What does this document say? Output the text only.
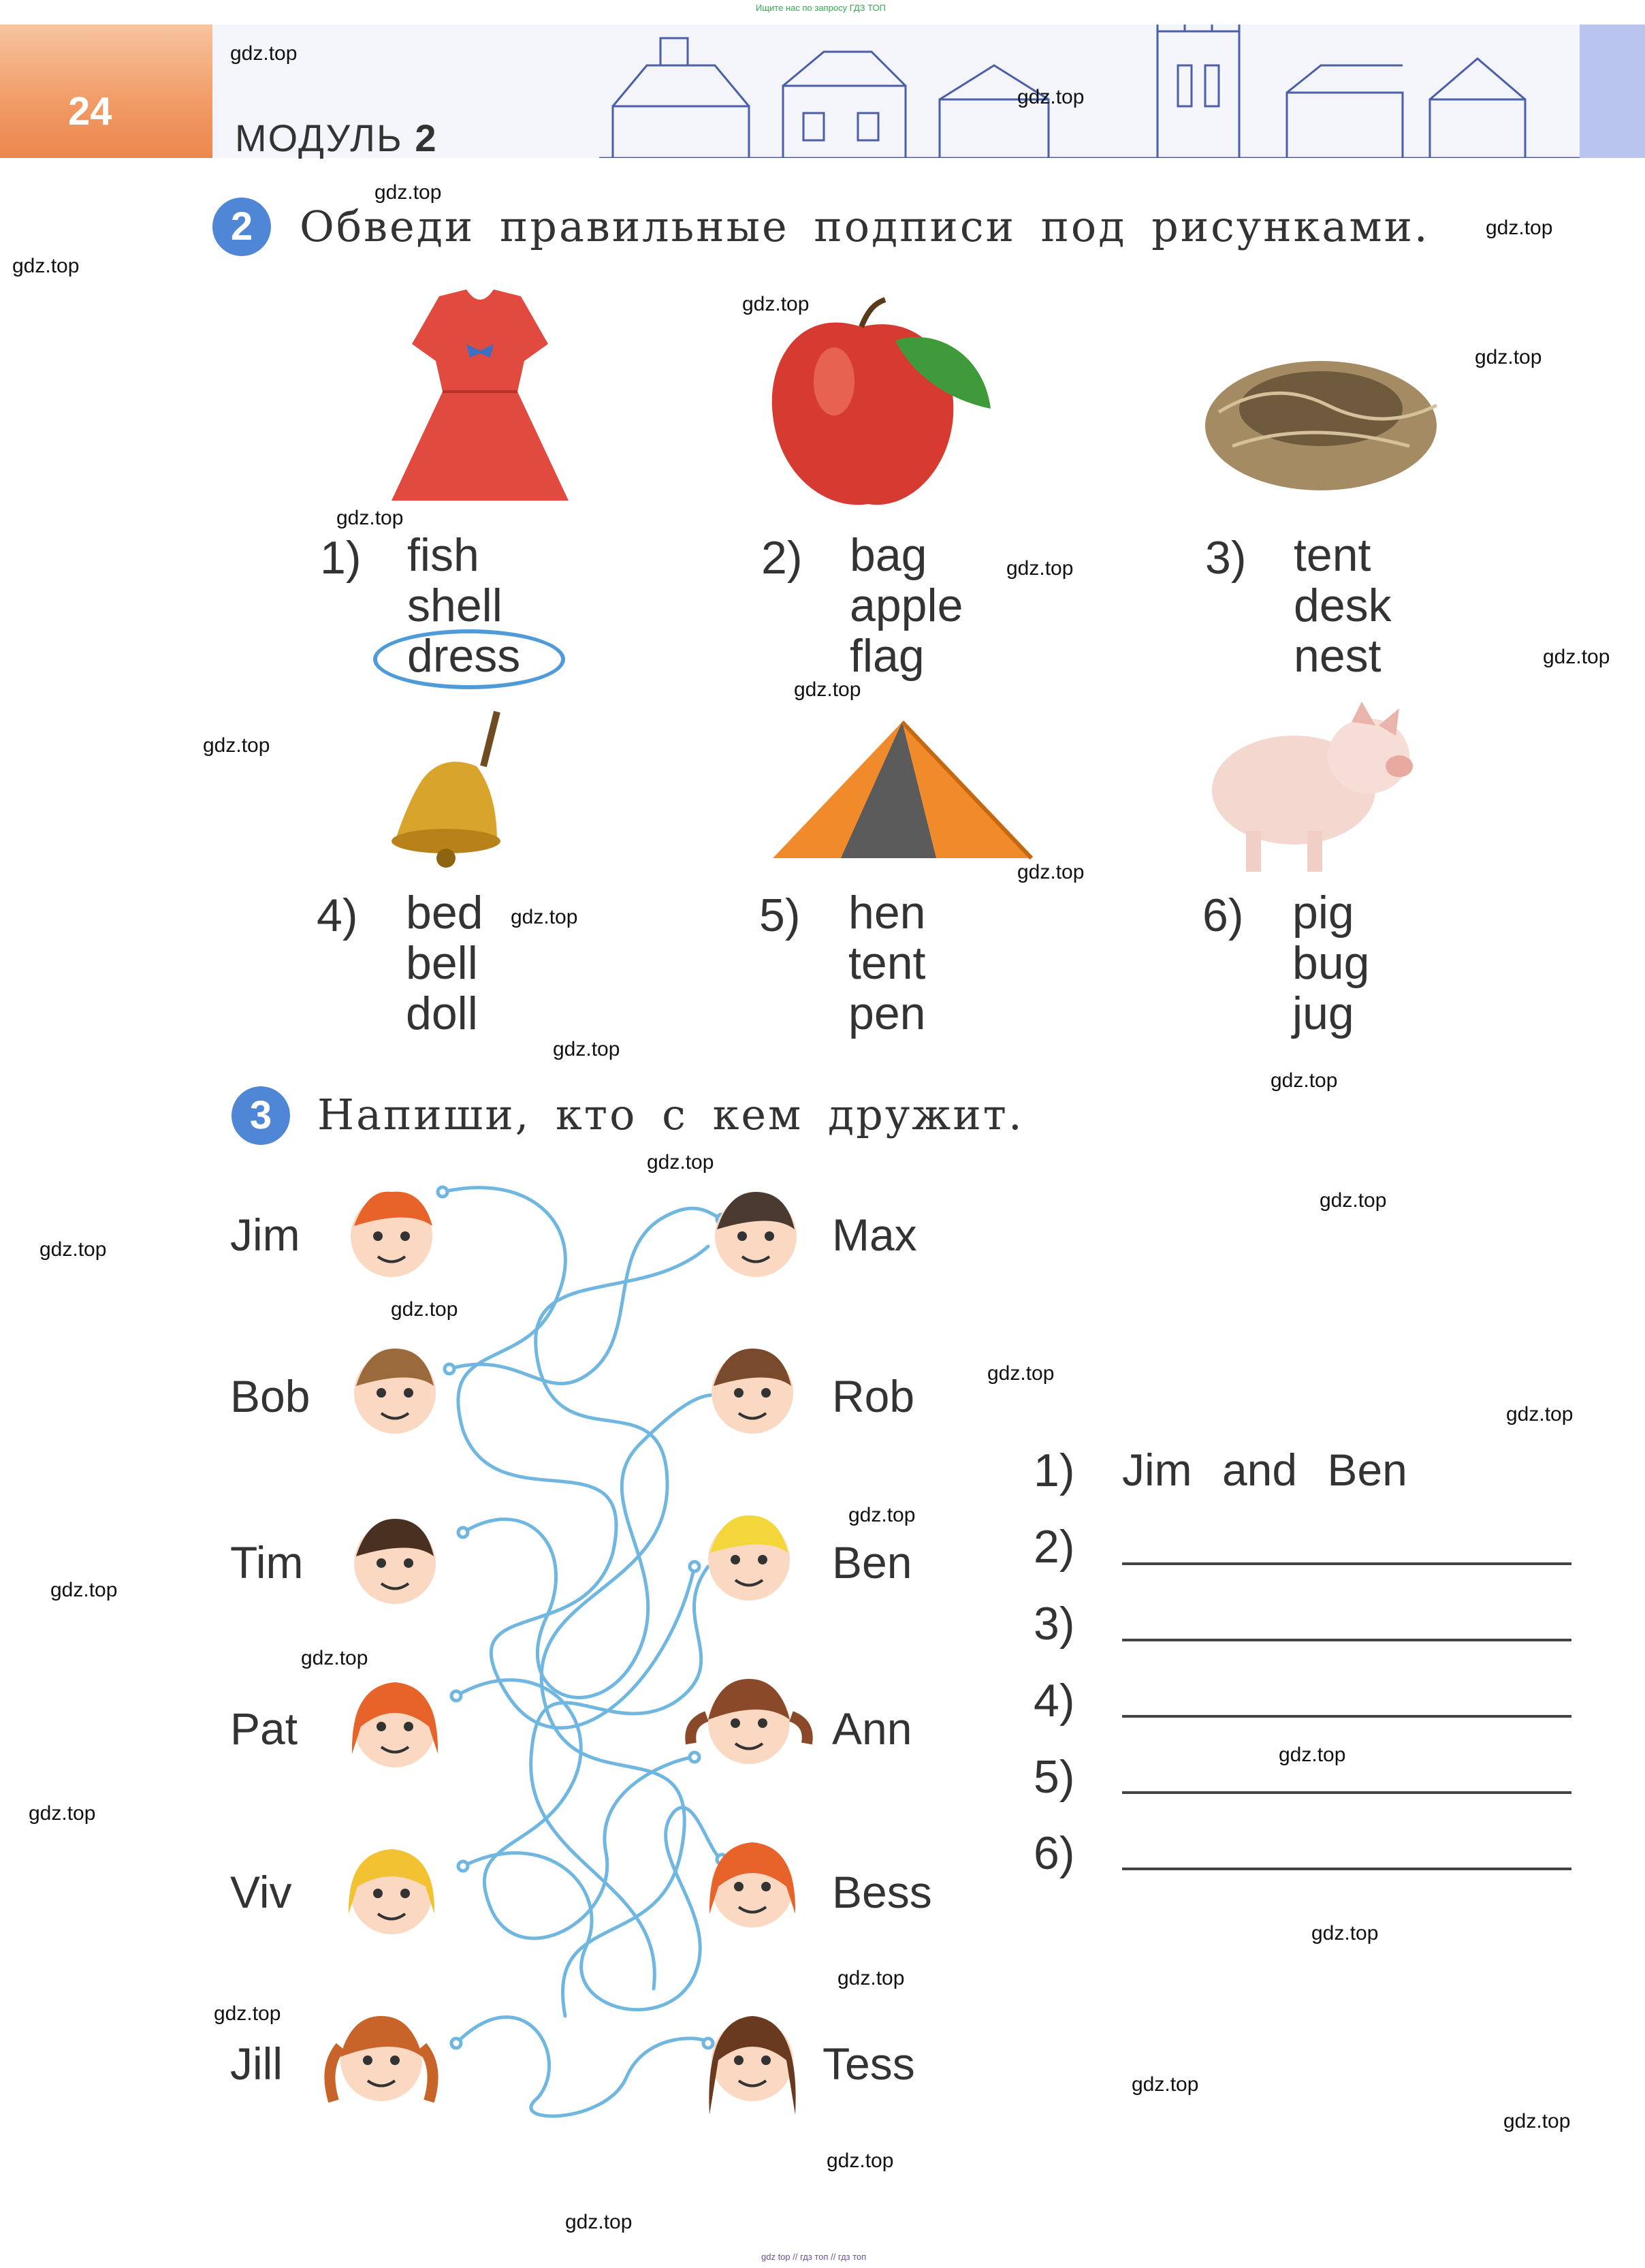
Ищите нас по запросу ГДЗ ТОП
24
МОДУЛЬ 2
2	Обведи правильные подписи под рисунками.
1) fish
shell
dress
2) bag
apple
flag
3) tent
desk
nest
4) bed
bell
doll
5) hen
tent
pen
6) pig
bug
jug
3	Напиши, кто с кем дружит.
Jim
Bob
Tim
Pat
Viv
Jill
Max
Rob
Ben
Ann
Bess
Tess
1) Jim and Ben
2)
3)
4)
5)
6)
gdz.top
gdz.top
gdz.top
gdz.top
gdz.top
gdz.top
gdz.top
gdz.top
gdz.top
gdz.top
gdz.top
gdz.top
gdz.top
gdz.top
gdz.top
gdz.top
gdz.top
gdz.top
gdz.top
gdz.top
gdz.top
gdz.top
gdz.top
gdz.top
gdz.top
gdz.top
gdz.top
gdz.top
gdz.top
gdz.top
gdz.top
gdz.top
gdz.top
gdz.top
gdz top // гдз топ // гдз топ
